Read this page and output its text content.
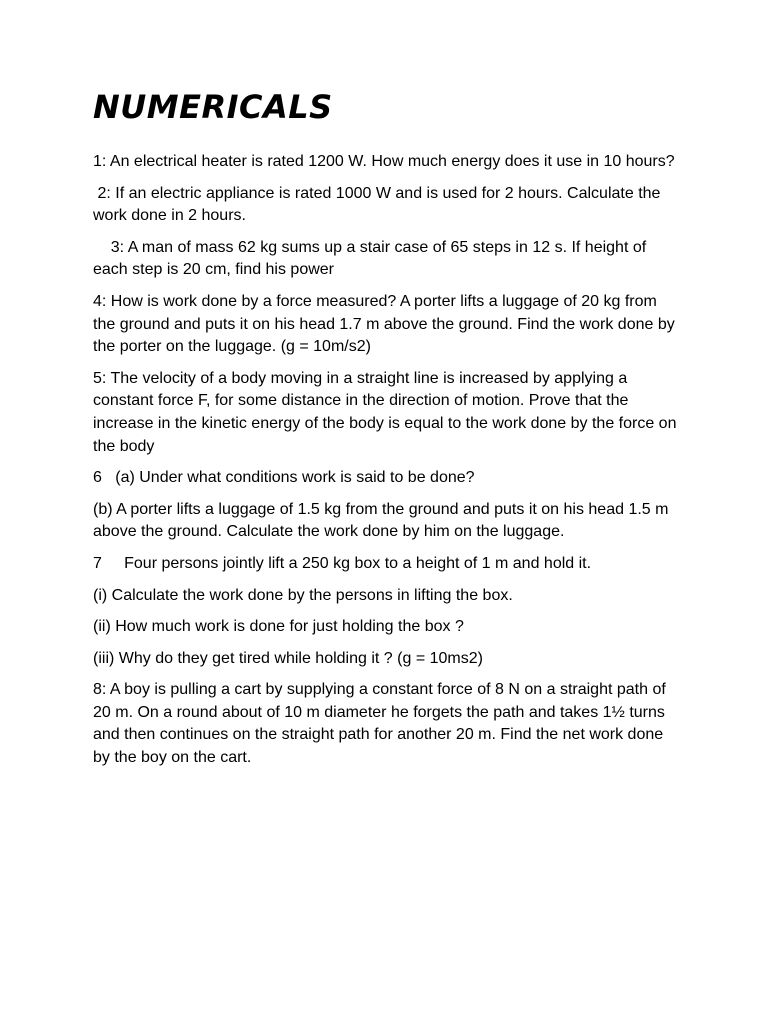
NUMERICALS

1: An electrical heater is rated 1200 W. How much energy does it use in 10 hours?

2: If an electric appliance is rated 1000 W and is used for 2 hours. Calculate the work done in 2 hours.

3: A man of mass 62 kg sums up a stair case of 65 steps in 12 s. If height of each step is 20 cm, find his power

4: How is work done by a force measured? A porter lifts a luggage of 20 kg from the ground and puts it on his head 1.7 m above the ground. Find the work done by the porter on the luggage. (g = 10m/s2)

5: The velocity of a body moving in a straight line is increased by applying a constant force F, for some distance in the direction of motion. Prove that the increase in the kinetic energy of the body is equal to the work done by the force on the body

6   (a) Under what conditions work is said to be done?

(b) A porter lifts a luggage of 1.5 kg from the ground and puts it on his head 1.5 m above the ground. Calculate the work done by him on the luggage.

7     Four persons jointly lift a 250 kg box to a height of 1 m and hold it.

(i) Calculate the work done by the persons in lifting the box.

(ii) How much work is done for just holding the box ?

(iii) Why do they get tired while holding it ? (g = 10ms2)

8: A boy is pulling a cart by supplying a constant force of 8 N on a straight path of 20 m. On a round about of 10 m diameter he forgets the path and takes 1½ turns and then continues on the straight path for another 20 m. Find the net work done by the boy on the cart.
